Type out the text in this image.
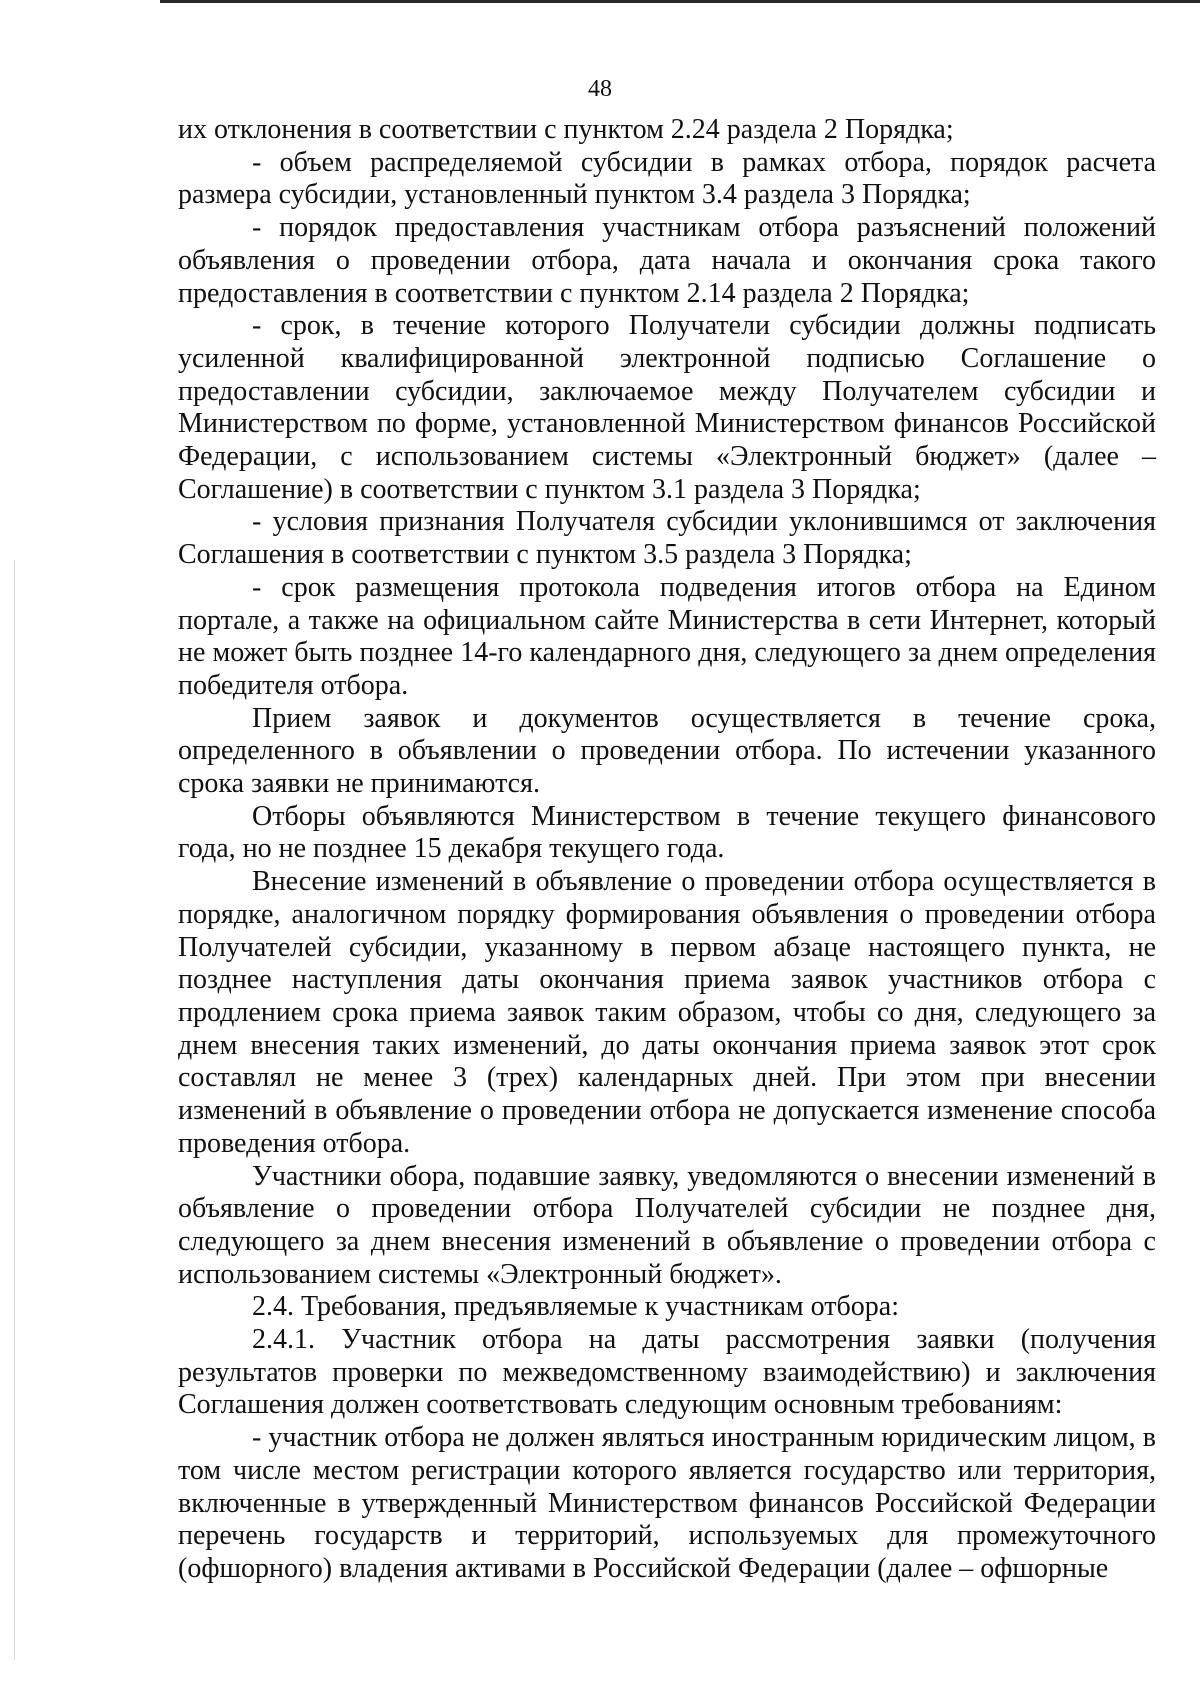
48

их отклонения в соответствии с пунктом 2.24 раздела 2 Порядка;

- объем распределяемой субсидии в рамках отбора, порядок расчета размера субсидии, установленный пунктом 3.4 раздела 3 Порядка;

- порядок предоставления участникам отбора разъяснений положений объявления о проведении отбора, дата начала и окончания срока такого предоставления в соответствии с пунктом 2.14 раздела 2 Порядка;

- срок, в течение которого Получатели субсидии должны подписать усиленной квалифицированной электронной подписью Соглашение о предоставлении субсидии, заключаемое между Получателем субсидии и Министерством по форме, установленной Министерством финансов Российской Федерации, с использованием системы «Электронный бюджет» (далее – Соглашение) в соответствии с пунктом 3.1 раздела 3 Порядка;

- условия признания Получателя субсидии уклонившимся от заключения Соглашения в соответствии с пунктом 3.5 раздела 3 Порядка;

- срок размещения протокола подведения итогов отбора на Едином портале, а также на официальном сайте Министерства в сети Интернет, который не может быть позднее 14-го календарного дня, следующего за днем определения победителя отбора.

Прием заявок и документов осуществляется в течение срока, определенного в объявлении о проведении отбора. По истечении указанного срока заявки не принимаются.

Отборы объявляются Министерством в течение текущего финансового года, но не позднее 15 декабря текущего года.

Внесение изменений в объявление о проведении отбора осуществляется в порядке, аналогичном порядку формирования объявления о проведении отбора Получателей субсидии, указанному в первом абзаце настоящего пункта, не позднее наступления даты окончания приема заявок участников отбора с продлением срока приема заявок таким образом, чтобы со дня, следующего за днем внесения таких изменений, до даты окончания приема заявок этот срок составлял не менее 3 (трех) календарных дней. При этом при внесении изменений в объявление о проведении отбора не допускается изменение способа проведения отбора.

Участники обора, подавшие заявку, уведомляются о внесении изменений в объявление о проведении отбора Получателей субсидии не позднее дня, следующего за днем внесения изменений в объявление о проведении отбора с использованием системы «Электронный бюджет».

2.4. Требования, предъявляемые к участникам отбора:

2.4.1. Участник отбора на даты рассмотрения заявки (получения результатов проверки по межведомственному взаимодействию) и заключения Соглашения должен соответствовать следующим основным требованиям:

- участник отбора не должен являться иностранным юридическим лицом, в том числе местом регистрации которого является государство или территория, включенные в утвержденный Министерством финансов Российской Федерации перечень государств и территорий, используемых для промежуточного (офшорного) владения активами в Российской Федерации (далее – офшорные
